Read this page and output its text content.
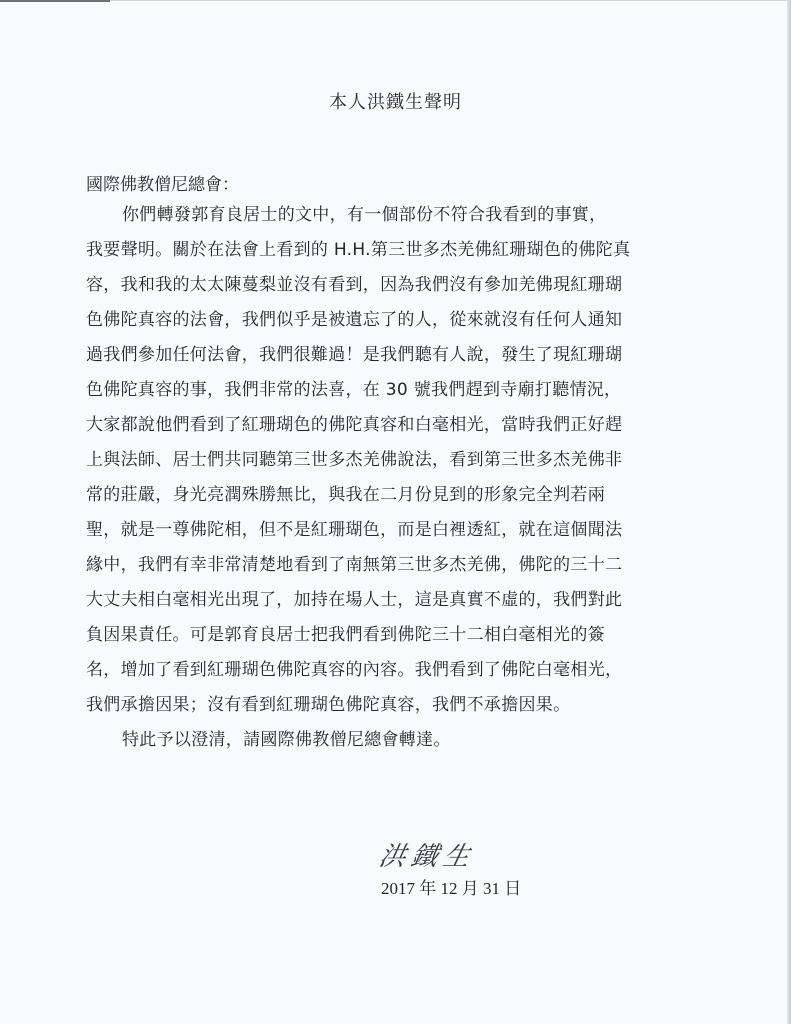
本人洪鐵生聲明
國際佛教僧尼總會：
你們轉發郭育良居士的文中，有一個部份不符合我看到的事實，
我要聲明。關於在法會上看到的 H.H.第三世多杰羌佛紅珊瑚色的佛陀真
容，我和我的太太陳蔓梨並沒有看到，因為我們沒有參加羌佛現紅珊瑚
色佛陀真容的法會，我們似乎是被遺忘了的人，從來就沒有任何人通知
過我們參加任何法會，我們很難過！是我們聽有人說，發生了現紅珊瑚
色佛陀真容的事，我們非常的法喜，在 30 號我們趕到寺廟打聽情況，
大家都說他們看到了紅珊瑚色的佛陀真容和白毫相光，當時我們正好趕
上與法師、居士們共同聽第三世多杰羌佛說法，看到第三世多杰羌佛非
常的莊嚴，身光亮潤殊勝無比，與我在二月份見到的形象完全判若兩
聖，就是一尊佛陀相，但不是紅珊瑚色，而是白裡透紅，就在這個聞法
緣中，我們有幸非常清楚地看到了南無第三世多杰羌佛，佛陀的三十二
大丈夫相白毫相光出現了，加持在場人士，這是真實不虛的，我們對此
負因果責任。可是郭育良居士把我們看到佛陀三十二相白毫相光的簽
名，增加了看到紅珊瑚色佛陀真容的內容。我們看到了佛陀白毫相光，
我們承擔因果；沒有看到紅珊瑚色佛陀真容，我們不承擔因果。
特此予以澄清，請國際佛教僧尼總會轉達。
洪鐵生
2017 年 12 月 31 日
